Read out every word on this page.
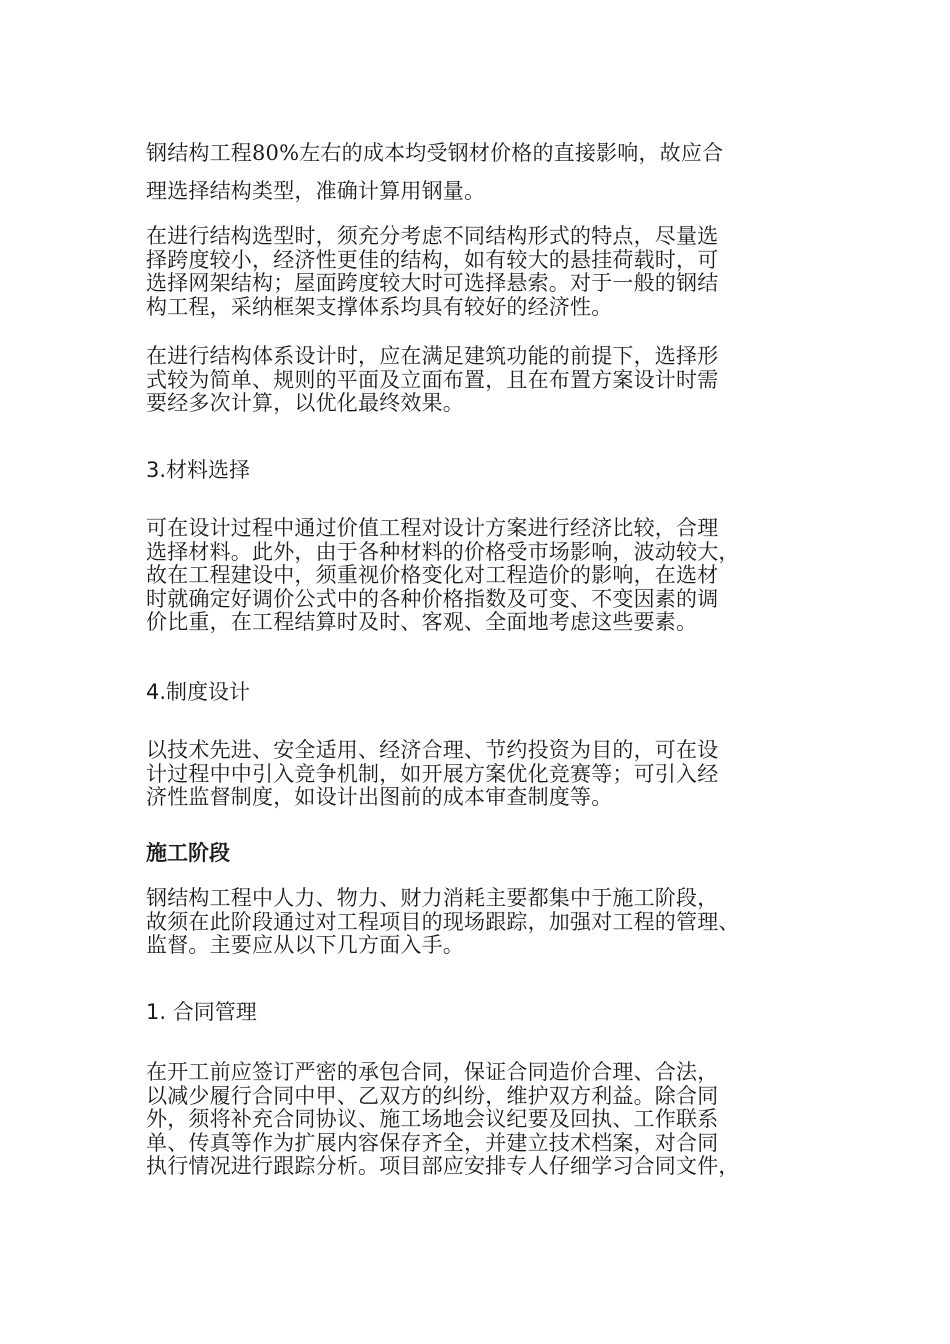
钢结构工程80%左右的成本均受钢材价格的直接影响，故应合
理选择结构类型，准确计算用钢量。

在进行结构选型时，须充分考虑不同结构形式的特点，尽量选
择跨度较小，经济性更佳的结构，如有较大的悬挂荷载时，可
选择网架结构；屋面跨度较大时可选择悬索。对于一般的钢结
构工程，采纳框架支撑体系均具有较好的经济性。

在进行结构体系设计时，应在满足建筑功能的前提下，选择形
式较为简单、规则的平面及立面布置，且在布置方案设计时需
要经多次计算，以优化最终效果。

3.材料选择

可在设计过程中通过价值工程对设计方案进行经济比较，合理
选择材料。此外，由于各种材料的价格受市场影响，波动较大，
故在工程建设中，须重视价格变化对工程造价的影响，在选材
时就确定好调价公式中的各种价格指数及可变、不变因素的调
价比重，在工程结算时及时、客观、全面地考虑这些要素。

4.制度设计

以技术先进、安全适用、经济合理、节约投资为目的，可在设
计过程中中引入竞争机制，如开展方案优化竞赛等；可引入经
济性监督制度，如设计出图前的成本审查制度等。

施工阶段

钢结构工程中人力、物力、财力消耗主要都集中于施工阶段，
故须在此阶段通过对工程项目的现场跟踪，加强对工程的管理、
监督。主要应从以下几方面入手。

1. 合同管理

在开工前应签订严密的承包合同，保证合同造价合理、合法，
以减少履行合同中甲、乙双方的纠纷，维护双方利益。除合同
外，须将补充合同协议、施工场地会议纪要及回执、工作联系
单、传真等作为扩展内容保存齐全，并建立技术档案，对合同
执行情况进行跟踪分析。项目部应安排专人仔细学习合同文件，
